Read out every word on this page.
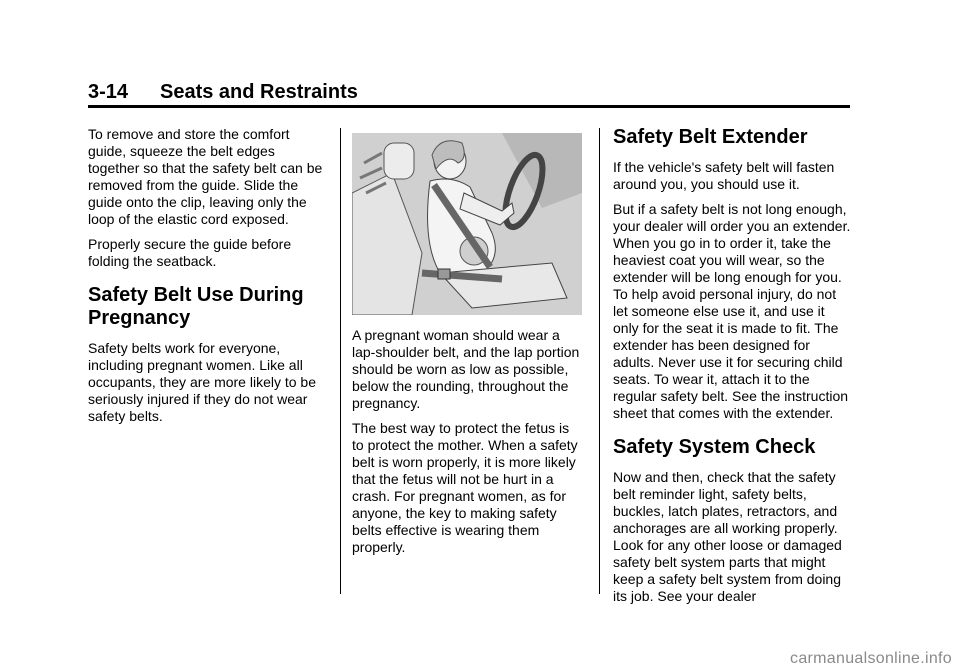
3-14 Seats and Restraints

To remove and store the comfort guide, squeeze the belt edges together so that the safety belt can be removed from the guide. Slide the guide onto the clip, leaving only the loop of the elastic cord exposed.

Properly secure the guide before folding the seatback.

Safety Belt Use During Pregnancy

Safety belts work for everyone, including pregnant women. Like all occupants, they are more likely to be seriously injured if they do not wear safety belts.

A pregnant woman should wear a lap-shoulder belt, and the lap portion should be worn as low as possible, below the rounding, throughout the pregnancy.

The best way to protect the fetus is to protect the mother. When a safety belt is worn properly, it is more likely that the fetus will not be hurt in a crash. For pregnant women, as for anyone, the key to making safety belts effective is wearing them properly.

Safety Belt Extender

If the vehicle's safety belt will fasten around you, you should use it.

But if a safety belt is not long enough, your dealer will order you an extender. When you go in to order it, take the heaviest coat you will wear, so the extender will be long enough for you. To help avoid personal injury, do not let someone else use it, and use it only for the seat it is made to fit. The extender has been designed for adults. Never use it for securing child seats. To wear it, attach it to the regular safety belt. See the instruction sheet that comes with the extender.

Safety System Check

Now and then, check that the safety belt reminder light, safety belts, buckles, latch plates, retractors, and anchorages are all working properly. Look for any other loose or damaged safety belt system parts that might keep a safety belt system from doing its job. See your dealer

carmanualsonline.info
